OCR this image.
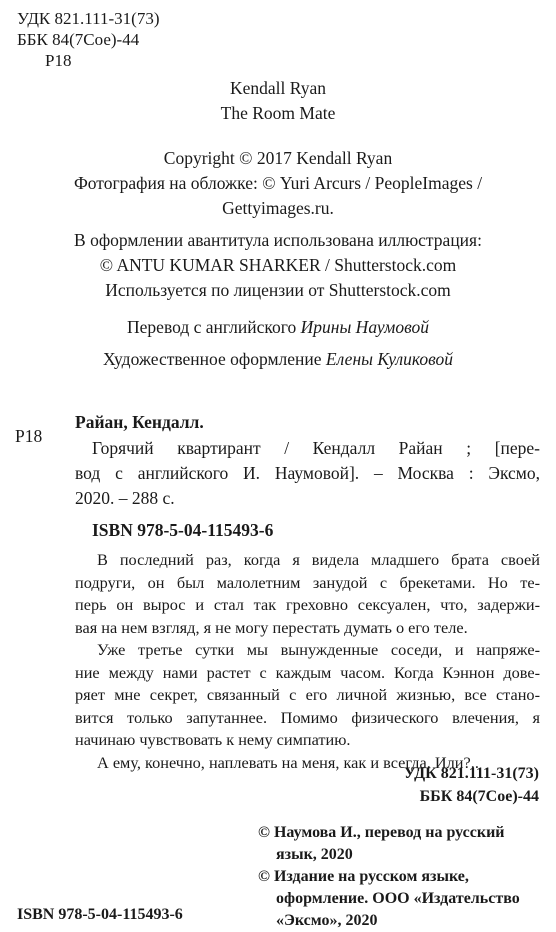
УДК 821.111-31(73)
ББК 84(7Сое)-44
Р18
Kendall Ryan
The Room Mate
Copyright © 2017 Kendall Ryan
Фотография на обложке: © Yuri Arcurs / PeopleImages /
Gettyimages.ru.
В оформлении авантитула использована иллюстрация:
© ANTU KUMAR SHARKER / Shutterstock.com
Используется по лицензии от Shutterstock.com
Перевод с английского Ирины Наумовой
Художественное оформление Елены Куликовой
Р18
Райан, Кендалл.
Горячий квартирант / Кендалл Райан ; [пере-
вод с английского И. Наумовой]. – Москва : Эксмо,
2020. – 288 с.
ISBN 978-5-04-115493-6

В последний раз, когда я видела младшего брата своей
подруги, он был малолетним занудой с брекетами. Но те-
перь он вырос и стал так греховно сексуален, что, задержи-
вая на нем взгляд, я не могу перестать думать о его теле.

Уже третье сутки мы вынужденные соседи, и напряже-
ние между нами растет с каждым часом. Когда Кэннон дове-
ряет мне секрет, связанный с его личной жизнью, все стано-
вится только запутаннее. Помимо физического влечения, я
начинаю чувствовать к нему симпатию.

А ему, конечно, наплевать на меня, как и всегда. Или?..

УДК 821.111-31(73)
ББК 84(7Сое)-44
© Наумова И., перевод на русский
язык, 2020
© Издание на русском языке,
оформление. ООО «Издательство
«Эксмо», 2020
ISBN 978-5-04-115493-6
